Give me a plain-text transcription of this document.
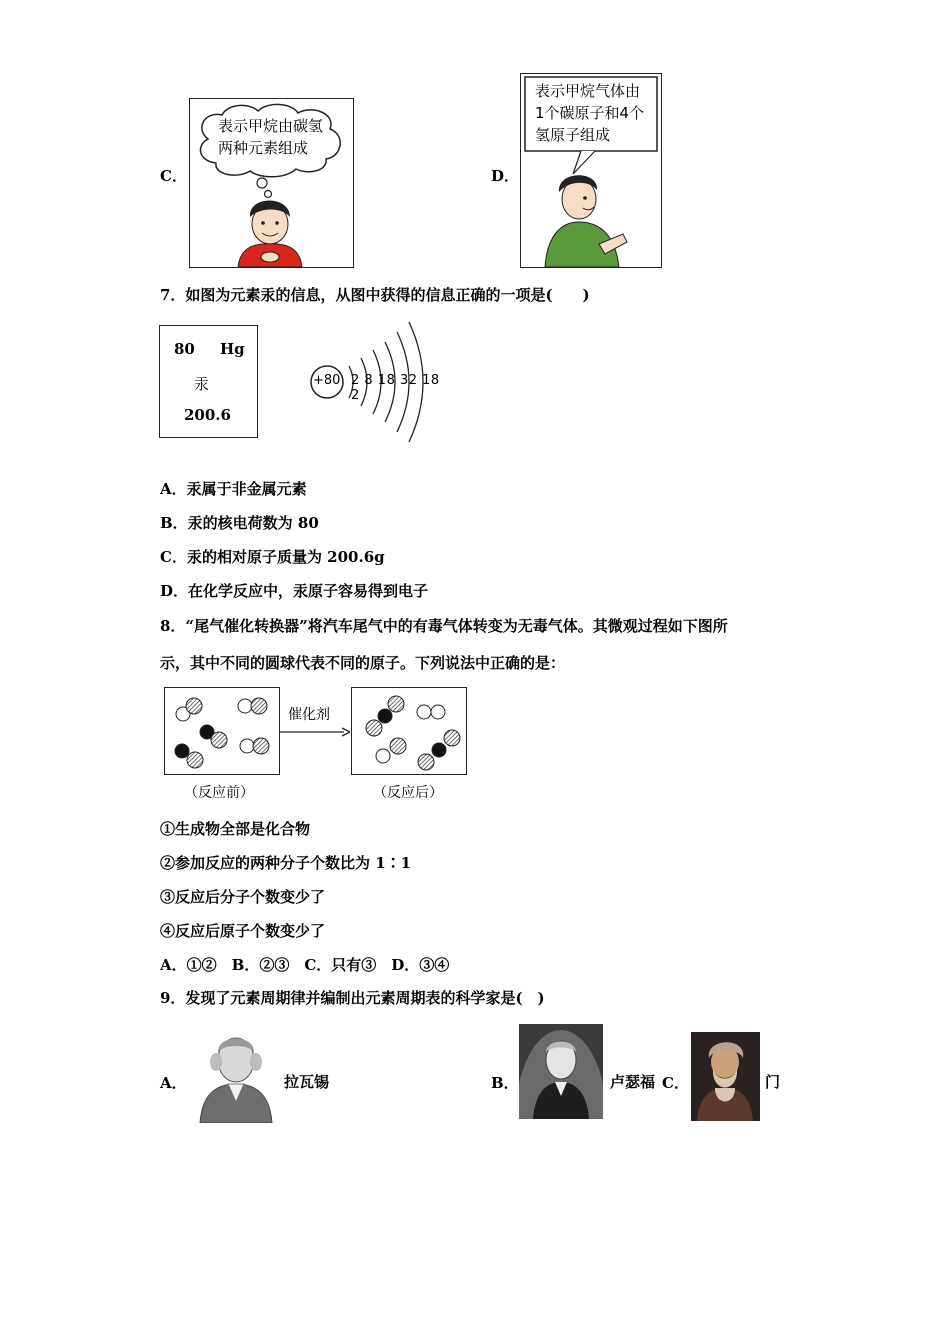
C．
表示甲烷由碳氢
两种元素组成
D．
表示甲烷气体由
1个碳原子和4个
氢原子组成
7．如图为元素汞的信息，从图中获得的信息正确的一项是(　　)
80 Hg
汞
200.6
+80 2 8 18 32 18 2
A．汞属于非金属元素
B．汞的核电荷数为 80
C．汞的相对原子质量为 200.6g
D．在化学反应中，汞原子容易得到电子
8．“尾气催化转换器”将汽车尾气中的有毒气体转变为无毒气体。其微观过程如下图所
示，其中不同的圆球代表不同的原子。下列说法中正确的是：
催化剂
（反应前）	（反应后）
①生成物全部是化合物
②参加反应的两种分子个数比为 1∶1
③反应后分子个数变少了
④反应后原子个数变少了
A．①②　B．②③　C．只有③　D．③④
9．发现了元素周期律并编制出元素周期表的科学家是(　)
A．	拉瓦锡	B．	卢瑟福 C．	门
